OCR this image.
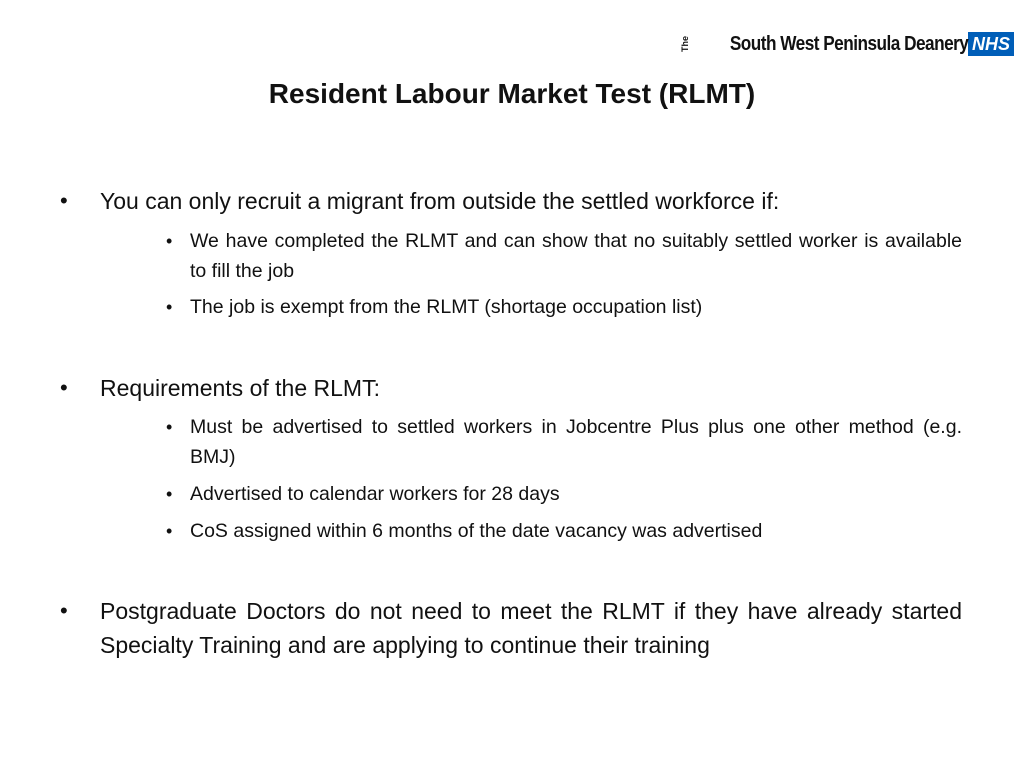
The South West Peninsula Deanery NHS
Resident Labour Market Test (RLMT)
• You can only recruit a migrant from outside the settled workforce if:
• We have completed the RLMT and can show that no suitably settled worker is available to fill the job
• The job is exempt from the RLMT (shortage occupation list)
• Requirements of the RLMT:
• Must be advertised to settled workers in Jobcentre Plus plus one other method (e.g. BMJ)
• Advertised to calendar workers for 28 days
• CoS assigned within 6 months of the date vacancy was advertised
• Postgraduate Doctors do not need to meet the RLMT if they have already started Specialty Training and are applying to continue their training
